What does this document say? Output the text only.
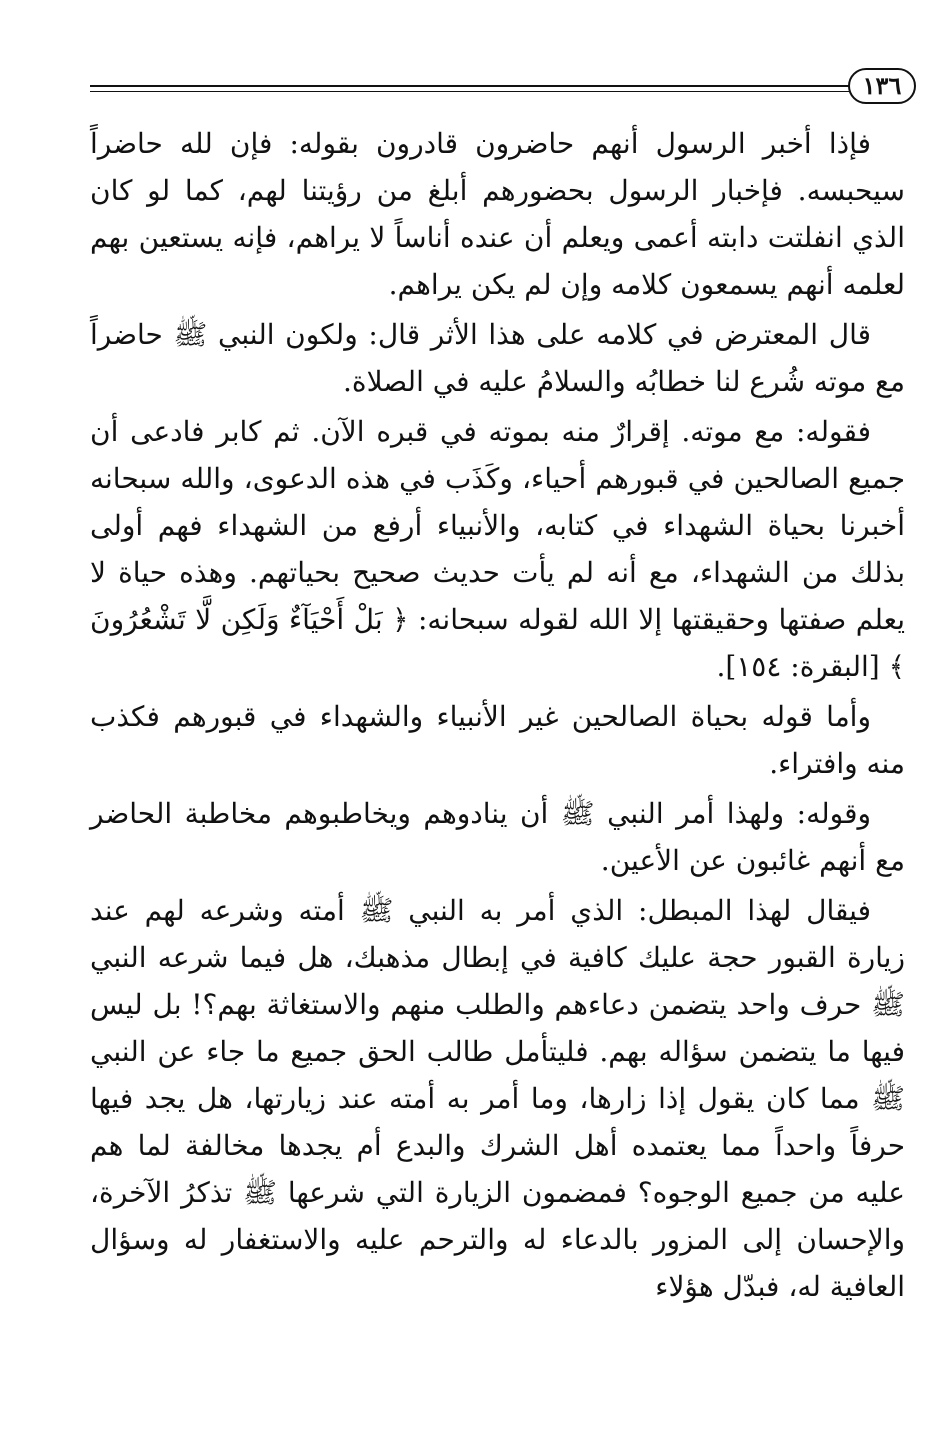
١٣٦

فإذا أخبر الرسول أنهم حاضرون قادرون بقوله: فإن لله حاضراً سيحبسه. فإخبار الرسول بحضورهم أبلغ من رؤيتنا لهم، كما لو كان الذي انفلتت دابته أعمى ويعلم أن عنده أناساً لا يراهم، فإنه يستعين بهم لعلمه أنهم يسمعون كلامه وإن لم يكن يراهم.

قال المعترض في كلامه على هذا الأثر قال: ولكون النبي ﷺ حاضراً مع موته شُرع لنا خطابُه والسلامُ عليه في الصلاة.

فقوله: مع موته. إقرارٌ منه بموته في قبره الآن. ثم كابر فادعى أن جميع الصالحين في قبورهم أحياء، وكَذَب في هذه الدعوى، والله سبحانه أخبرنا بحياة الشهداء في كتابه، والأنبياء أرفع من الشهداء فهم أولى بذلك من الشهداء، مع أنه لم يأت حديث صحيح بحياتهم. وهذه حياة لا يعلم صفتها وحقيقتها إلا الله لقوله سبحانه: ﴿ بَلْ أَحْيَآءٌ وَلَكِن لَّا تَشْعُرُونَ ﴾ [البقرة: ١٥٤].

وأما قوله بحياة الصالحين غير الأنبياء والشهداء في قبورهم فكذب منه وافتراء.

وقوله: ولهذا أمر النبي ﷺ أن ينادوهم ويخاطبوهم مخاطبة الحاضر مع أنهم غائبون عن الأعين.

فيقال لهذا المبطل: الذي أمر به النبي ﷺ أمته وشرعه لهم عند زيارة القبور حجة عليك كافية في إبطال مذهبك، هل فيما شرعه النبي ﷺ حرف واحد يتضمن دعاءهم والطلب منهم والاستغاثة بهم؟! بل ليس فيها ما يتضمن سؤاله بهم. فليتأمل طالب الحق جميع ما جاء عن النبي ﷺ مما كان يقول إذا زارها، وما أمر به أمته عند زيارتها، هل يجد فيها حرفاً واحداً مما يعتمده أهل الشرك والبدع أم يجدها مخالفة لما هم عليه من جميع الوجوه؟ فمضمون الزيارة التي شرعها ﷺ تذكرُ الآخرة، والإحسان إلى المزور بالدعاء له والترحم عليه والاستغفار له وسؤال العافية له، فبدّل هؤلاء
